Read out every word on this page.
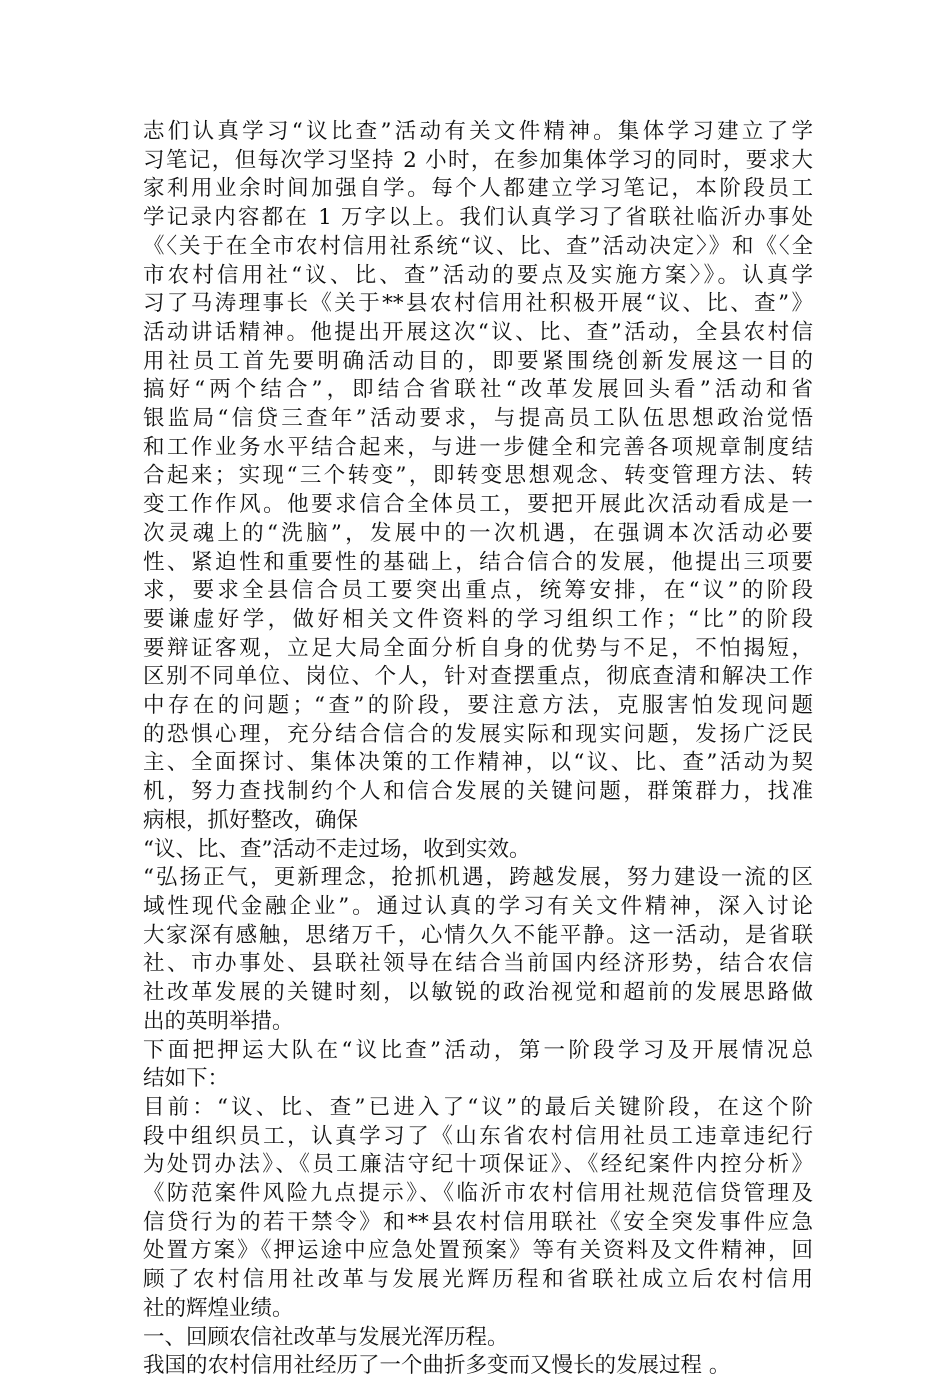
志们认真学习“议比查”活动有关文件精神。集体学习建立了学
习笔记，但每次学习坚持 2 小时，在参加集体学习的同时，要求大
家利用业余时间加强自学。每个人都建立学习笔记，本阶段员工
学记录内容都在 1 万字以上。我们认真学习了省联社临沂办事处
《〈关于在全市农村信用社系统“议、比、查”活动决定〉》和《〈全
市农村信用社“议、比、查”活动的要点及实施方案〉》。认真学
习了马涛理事长《关于**县农村信用社积极开展“议、比、查”》
活动讲话精神。他提出开展这次“议、比、查”活动，全县农村信
用社员工首先要明确活动目的，即要紧围绕创新发展这一目的
搞好“两个结合”，即结合省联社“改革发展回头看”活动和省
银监局“信贷三查年”活动要求，与提高员工队伍思想政治觉悟
和工作业务水平结合起来，与进一步健全和完善各项规章制度结
合起来；实现“三个转变”，即转变思想观念、转变管理方法、转
变工作作风。他要求信合全体员工，要把开展此次活动看成是一
次灵魂上的“洗脑”，发展中的一次机遇，在强调本次活动必要
性、紧迫性和重要性的基础上，结合信合的发展，他提出三项要
求，要求全县信合员工要突出重点，统筹安排，在“议”的阶段
要谦虚好学，做好相关文件资料的学习组织工作；“比”的阶段
要辩证客观，立足大局全面分析自身的优势与不足，不怕揭短，
区别不同单位、岗位、个人，针对查摆重点，彻底查清和解决工作
中存在的问题；“查”的阶段，要注意方法，克服害怕发现问题
的恐惧心理，充分结合信合的发展实际和现实问题，发扬广泛民
主、全面探讨、集体决策的工作精神，以“议、比、查”活动为契
机，努力查找制约个人和信合发展的关键问题，群策群力，找准
病根，抓好整改，确保
“议、比、查”活动不走过场，收到实效。
“弘扬正气，更新理念，抢抓机遇，跨越发展，努力建设一流的区
域性现代金融企业”。通过认真的学习有关文件精神，深入讨论
大家深有感触，思绪万千，心情久久不能平静。这一活动，是省联
社、市办事处、县联社领导在结合当前国内经济形势，结合农信
社改革发展的关键时刻，以敏锐的政治视觉和超前的发展思路做
出的英明举措。
下面把押运大队在“议比查”活动，第一阶段学习及开展情况总
结如下：
目前：“议、比、查”已进入了“议”的最后关键阶段，在这个阶
段中组织员工，认真学习了《山东省农村信用社员工违章违纪行
为处罚办法》、《员工廉洁守纪十项保证》、《经纪案件内控分析》
《防范案件风险九点提示》、《临沂市农村信用社规范信贷管理及
信贷行为的若干禁令》和**县农村信用联社《安全突发事件应急
处置方案》《押运途中应急处置预案》等有关资料及文件精神，回
顾了农村信用社改革与发展光辉历程和省联社成立后农村信用
社的辉煌业绩。
一、回顾农信社改革与发展光浑历程。
我国的农村信用社经历了一个曲折多变而又慢长的发展过程 。
